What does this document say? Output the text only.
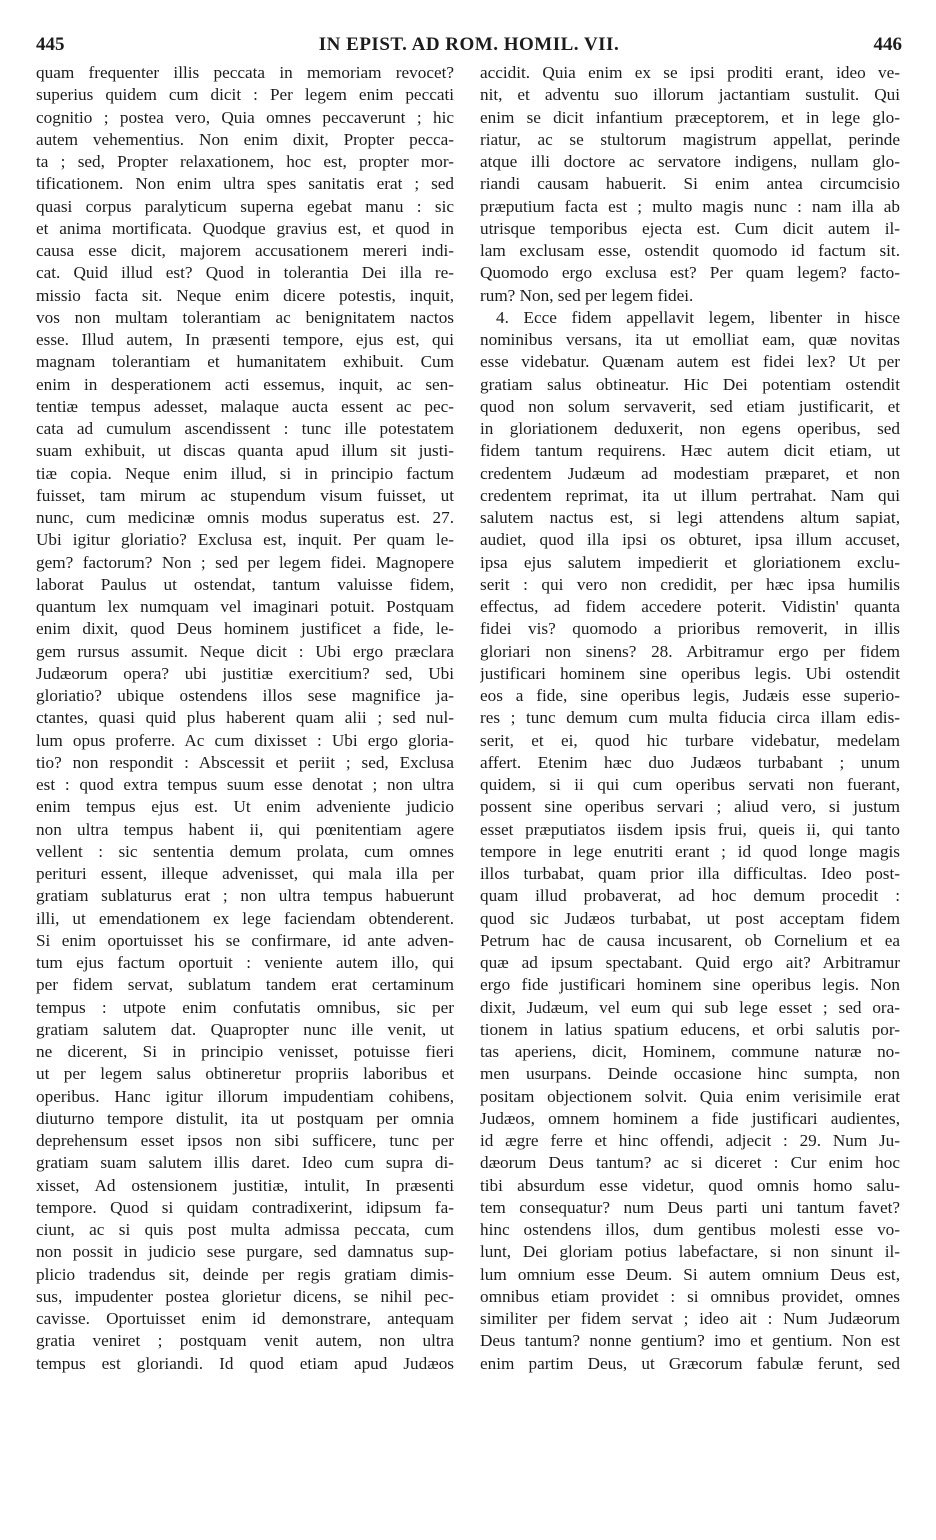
445	IN EPIST. AD ROM. HOMIL. VII.	446
quam frequenter illis peccata in memoriam revocet?
superius quidem cum dicit : Per legem enim peccati
cognitio ; postea vero, Quia omnes peccaverunt ; hic
autem vehementius. Non enim dixit, Propter pecca-
ta ; sed, Propter relaxationem, hoc est, propter mor-
tificationem. Non enim ultra spes sanitatis erat ; sed
quasi corpus paralyticum superna egebat manu : sic
et anima mortificata. Quodque gravius est, et quod in
causa esse dicit, majorem accusationem mereri indi-
cat. Quid illud est? Quod in tolerantia Dei illa re-
missio facta sit. Neque enim dicere potestis, inquit,
vos non multam tolerantiam ac benignitatem nactos
esse. Illud autem, In præsenti tempore, ejus est, qui
magnam tolerantiam et humanitatem exhibuit. Cum
enim in desperationem acti essemus, inquit, ac sen-
tentiæ tempus adesset, malaque aucta essent ac pec-
cata ad cumulum ascendissent : tunc ille potestatem
suam exhibuit, ut discas quanta apud illum sit justi-
tiæ copia. Neque enim illud, si in principio factum
fuisset, tam mirum ac stupendum visum fuisset, ut
nunc, cum medicinæ omnis modus superatus est. 27.
Ubi igitur gloriatio? Exclusa est, inquit. Per quam le-
gem? factorum? Non ; sed per legem fidei. Magnopere
laborat Paulus ut ostendat, tantum valuisse fidem,
quantum lex numquam vel imaginari potuit. Postquam
enim dixit, quod Deus hominem justificet a fide, le-
gem rursus assumit. Neque dicit : Ubi ergo præclara
Judæorum opera? ubi justitiæ exercitium? sed, Ubi
gloriatio? ubique ostendens illos sese magnifice ja-
ctantes, quasi quid plus haberent quam alii ; sed nul-
lum opus proferre. Ac cum dixisset : Ubi ergo gloria-
tio? non respondit : Abscessit et periit ; sed, Exclusa
est : quod extra tempus suum esse denotat ; non ultra
enim tempus ejus est. Ut enim adveniente judicio
non ultra tempus habent ii, qui pœnitentiam agere
vellent : sic sententia demum prolata, cum omnes
perituri essent, illeque advenisset, qui mala illa per
gratiam sublaturus erat ; non ultra tempus habuerunt
illi, ut emendationem ex lege faciendam obtenderent.
Si enim oportuisset his se confirmare, id ante adven-
tum ejus factum oportuit : veniente autem illo, qui
per fidem servat, sublatum tandem erat certaminum
tempus : utpote enim confutatis omnibus, sic per
gratiam salutem dat. Quapropter nunc ille venit, ut
ne dicerent, Si in principio venisset, potuisse fieri
ut per legem salus obtineretur propriis laboribus et
operibus. Hanc igitur illorum impudentiam cohibens,
diuturno tempore distulit, ita ut postquam per omnia
deprehensum esset ipsos non sibi sufficere, tunc per
gratiam suam salutem illis daret. Ideo cum supra di-
xisset, Ad ostensionem justitiæ, intulit, In præsenti
tempore. Quod si quidam contradixerint, idipsum fa-
ciunt, ac si quis post multa admissa peccata, cum
non possit in judicio sese purgare, sed damnatus sup-
plicio tradendus sit, deinde per regis gratiam dimis-
sus, impudenter postea glorietur dicens, se nihil pec-
cavisse. Oportuisset enim id demonstrare, antequam
gratia veniret ; postquam venit autem, non ultra
tempus est gloriandi. Id quod etiam apud Judæos
accidit. Quia enim ex se ipsi proditi erant, ideo ve-
nit, et adventu suo illorum jactantiam sustulit. Qui
enim se dicit infantium præceptorem, et in lege glo-
riatur, ac se stultorum magistrum appellat, perinde
atque illi doctore ac servatore indigens, nullam glo-
riandi causam habuerit. Si enim antea circumcisio
præputium facta est ; multo magis nunc : nam illa ab
utrisque temporibus ejecta est. Cum dicit autem il-
lam exclusam esse, ostendit quomodo id factum sit.
Quomodo ergo exclusa est? Per quam legem? facto-
rum? Non, sed per legem fidei.
4. Ecce fidem appellavit legem, libenter in hisce
nominibus versans, ita ut emolliat eam, quæ novitas
esse videbatur. Quænam autem est fidei lex? Ut per
gratiam salus obtineatur. Hic Dei potentiam ostendit
quod non solum servaverit, sed etiam justificarit, et
in gloriationem deduxerit, non egens operibus, sed
fidem tantum requirens. Hæc autem dicit etiam, ut
credentem Judæum ad modestiam præparet, et non
credentem reprimat, ita ut illum pertrahat. Nam qui
salutem nactus est, si legi attendens altum sapiat,
audiet, quod illa ipsi os obturet, ipsa illum accuset,
ipsa ejus salutem impedierit et gloriationem exclu-
serit : qui vero non credidit, per hæc ipsa humilis
effectus, ad fidem accedere poterit. Vidistin' quanta
fidei vis? quomodo a prioribus removerit, in illis
gloriari non sinens? 28. Arbitramur ergo per fidem
justificari hominem sine operibus legis. Ubi ostendit
eos a fide, sine operibus legis, Judæis esse superio-
res ; tunc demum cum multa fiducia circa illam edis-
serit, et ei, quod hic turbare videbatur, medelam
affert. Etenim hæc duo Judæos turbabant ; unum
quidem, si ii qui cum operibus servati non fuerant,
possent sine operibus servari ; aliud vero, si justum
esset præputiatos iisdem ipsis frui, queis ii, qui tanto
tempore in lege enutriti erant ; id quod longe magis
illos turbabat, quam prior illa difficultas. Ideo post-
quam illud probaverat, ad hoc demum procedit :
quod sic Judæos turbabat, ut post acceptam fidem
Petrum hac de causa incusarent, ob Cornelium et ea
quæ ad ipsum spectabant. Quid ergo ait? Arbitramur
ergo fide justificari hominem sine operibus legis. Non
dixit, Judæum, vel eum qui sub lege esset ; sed ora-
tionem in latius spatium educens, et orbi salutis por-
tas aperiens, dicit, Hominem, commune naturæ no-
men usurpans. Deinde occasione hinc sumpta, non
positam objectionem solvit. Quia enim verisimile erat
Judæos, omnem hominem a fide justificari audientes,
id ægre ferre et hinc offendi, adjecit : 29. Num Ju-
dæorum Deus tantum? ac si diceret : Cur enim hoc
tibi absurdum esse videtur, quod omnis homo salu-
tem consequatur? num Deus parti uni tantum favet?
hinc ostendens illos, dum gentibus molesti esse vo-
lunt, Dei gloriam potius labefactare, si non sinunt il-
lum omnium esse Deum. Si autem omnium Deus est,
omnibus etiam providet : si omnibus providet, omnes
similiter per fidem servat ; ideo ait : Num Judæorum
Deus tantum? nonne gentium? imo et gentium. Non est
enim partim Deus, ut Græcorum fabulæ ferunt, sed
